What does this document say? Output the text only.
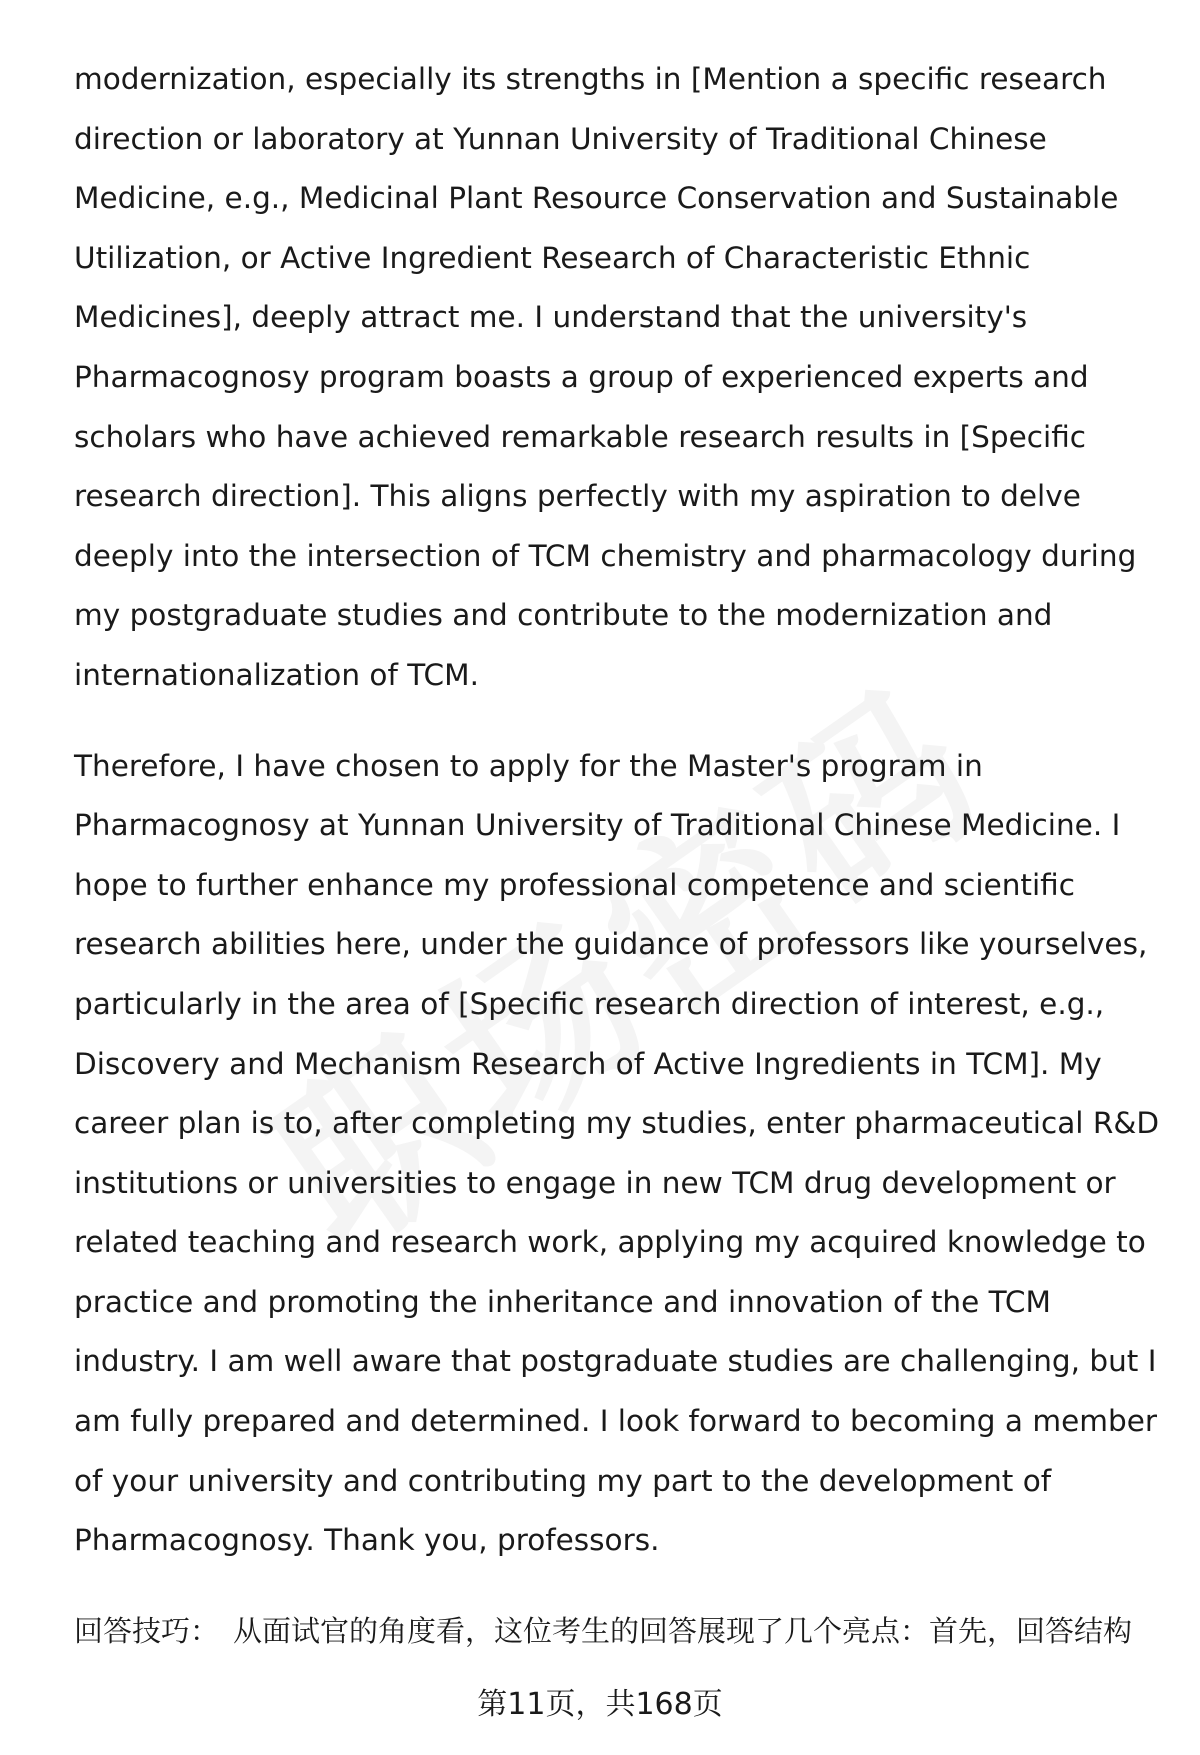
modernization, especially its strengths in [Mention a specific research direction or laboratory at Yunnan University of Traditional Chinese Medicine, e.g., Medicinal Plant Resource Conservation and Sustainable Utilization, or Active Ingredient Research of Characteristic Ethnic Medicines], deeply attract me. I understand that the university's Pharmacognosy program boasts a group of experienced experts and scholars who have achieved remarkable research results in [Specific research direction]. This aligns perfectly with my aspiration to delve deeply into the intersection of TCM chemistry and pharmacology during my postgraduate studies and contribute to the modernization and internationalization of TCM.

Therefore, I have chosen to apply for the Master's program in Pharmacognosy at Yunnan University of Traditional Chinese Medicine. I hope to further enhance my professional competence and scientific research abilities here, under the guidance of professors like yourselves, particularly in the area of [Specific research direction of interest, e.g., Discovery and Mechanism Research of Active Ingredients in TCM]. My career plan is to, after completing my studies, enter pharmaceutical R&D institutions or universities to engage in new TCM drug development or related teaching and research work, applying my acquired knowledge to practice and promoting the inheritance and innovation of the TCM industry. I am well aware that postgraduate studies are challenging, but I am fully prepared and determined. I look forward to becoming a member of your university and contributing my part to the development of Pharmacognosy. Thank you, professors.

回答技巧： 从面试官的角度看，这位考生的回答展现了几个亮点：首先，回答结构
第11页，共168页
